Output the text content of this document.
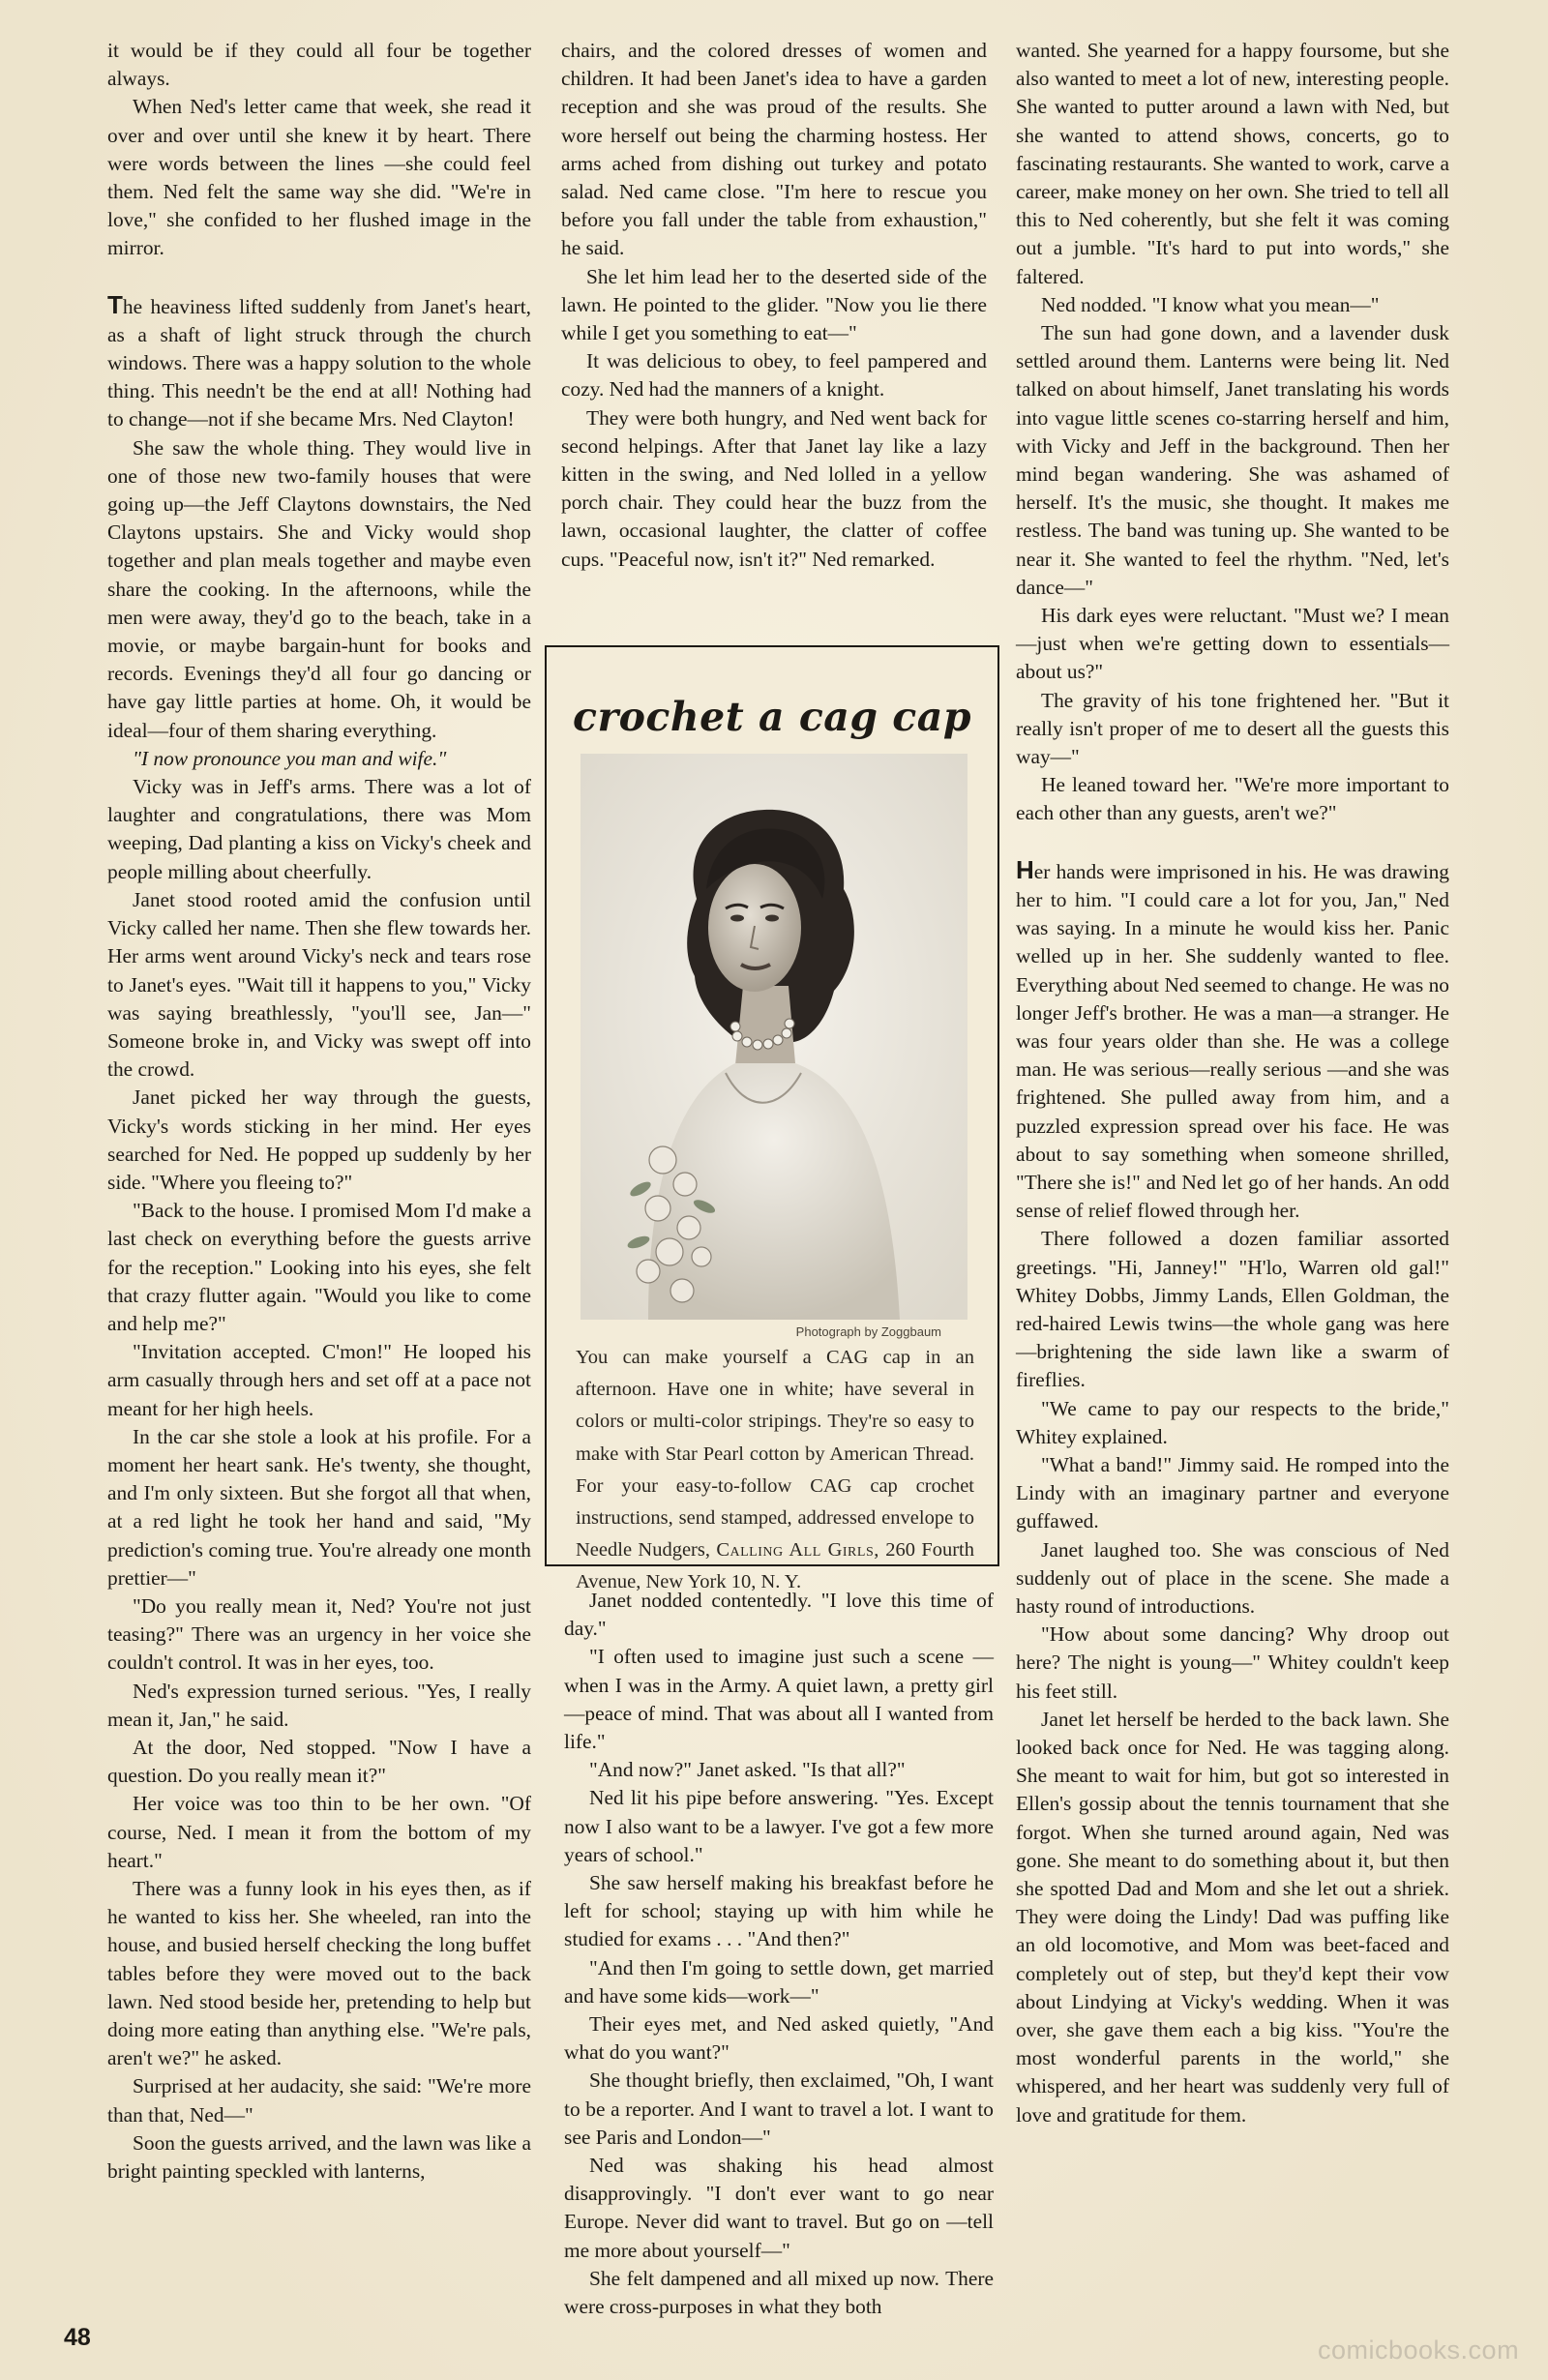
it would be if they could all four be together always.

When Ned's letter came that week, she read it over and over until she knew it by heart. There were words between the lines —she could feel them. Ned felt the same way she did. "We're in love," she confided to her flushed image in the mirror.

The heaviness lifted suddenly from Janet's heart, as a shaft of light struck through the church windows. There was a happy solution to the whole thing. This needn't be the end at all! Nothing had to change—not if she became Mrs. Ned Clayton!

She saw the whole thing. They would live in one of those new two-family houses that were going up—the Jeff Claytons downstairs, the Ned Claytons upstairs. She and Vicky would shop together and plan meals together and maybe even share the cooking. In the afternoons, while the men were away, they'd go to the beach, take in a movie, or maybe bargain-hunt for books and records. Evenings they'd all four go dancing or have gay little parties at home. Oh, it would be ideal—four of them sharing everything.

"I now pronounce you man and wife."

Vicky was in Jeff's arms. There was a lot of laughter and congratulations, there was Mom weeping, Dad planting a kiss on Vicky's cheek and people milling about cheerfully.

Janet stood rooted amid the confusion until Vicky called her name. Then she flew towards her. Her arms went around Vicky's neck and tears rose to Janet's eyes. "Wait till it happens to you," Vicky was saying breathlessly, "you'll see, Jan—" Someone broke in, and Vicky was swept off into the crowd.

Janet picked her way through the guests, Vicky's words sticking in her mind. Her eyes searched for Ned. He popped up suddenly by her side. "Where you fleeing to?"

"Back to the house. I promised Mom I'd make a last check on everything before the guests arrive for the reception." Looking into his eyes, she felt that crazy flutter again. "Would you like to come and help me?"

"Invitation accepted. C'mon!" He looped his arm casually through hers and set off at a pace not meant for her high heels.

In the car she stole a look at his profile. For a moment her heart sank. He's twenty, she thought, and I'm only sixteen. But she forgot all that when, at a red light he took her hand and said, "My prediction's coming true. You're already one month prettier—"

"Do you really mean it, Ned? You're not just teasing?" There was an urgency in her voice she couldn't control. It was in her eyes, too.

Ned's expression turned serious. "Yes, I really mean it, Jan," he said.

At the door, Ned stopped. "Now I have a question. Do you really mean it?"

Her voice was too thin to be her own. "Of course, Ned. I mean it from the bottom of my heart."

There was a funny look in his eyes then, as if he wanted to kiss her. She wheeled, ran into the house, and busied herself checking the long buffet tables before they were moved out to the back lawn. Ned stood beside her, pretending to help but doing more eating than anything else. "We're pals, aren't we?" he asked.

Surprised at her audacity, she said: "We're more than that, Ned—"

Soon the guests arrived, and the lawn was like a bright painting speckled with lanterns,

chairs, and the colored dresses of women and children. It had been Janet's idea to have a garden reception and she was proud of the results. She wore herself out being the charming hostess. Her arms ached from dishing out turkey and potato salad. Ned came close. "I'm here to rescue you before you fall under the table from exhaustion," he said.

She let him lead her to the deserted side of the lawn. He pointed to the glider. "Now you lie there while I get you something to eat—"

It was delicious to obey, to feel pampered and cozy. Ned had the manners of a knight.

They were both hungry, and Ned went back for second helpings. After that Janet lay like a lazy kitten in the swing, and Ned lolled in a yellow porch chair. They could hear the buzz from the lawn, occasional laughter, the clatter of coffee cups. "Peaceful now, isn't it?" Ned remarked.

crochet a cag cap
Photograph by Zoggbaum
You can make yourself a CAG cap in an afternoon. Have one in white; have several in colors or multi-color stripings. They're so easy to make with Star Pearl cotton by American Thread. For your easy-to-follow CAG cap crochet instructions, send stamped, addressed envelope to Needle Nudgers, Calling All Girls, 260 Fourth Avenue, New York 10, N. Y.

Janet nodded contentedly. "I love this time of day."

"I often used to imagine just such a scene —when I was in the Army. A quiet lawn, a pretty girl—peace of mind. That was about all I wanted from life."

"And now?" Janet asked. "Is that all?"

Ned lit his pipe before answering. "Yes. Except now I also want to be a lawyer. I've got a few more years of school."

She saw herself making his breakfast before he left for school; staying up with him while he studied for exams . . . "And then?"

"And then I'm going to settle down, get married and have some kids—work—"

Their eyes met, and Ned asked quietly, "And what do you want?"

She thought briefly, then exclaimed, "Oh, I want to be a reporter. And I want to travel a lot. I want to see Paris and London—"

Ned was shaking his head almost disapprovingly. "I don't ever want to go near Europe. Never did want to travel. But go on —tell me more about yourself—"

She felt dampened and all mixed up now. There were cross-purposes in what they both

wanted. She yearned for a happy foursome, but she also wanted to meet a lot of new, interesting people. She wanted to putter around a lawn with Ned, but she wanted to attend shows, concerts, go to fascinating restaurants. She wanted to work, carve a career, make money on her own. She tried to tell all this to Ned coherently, but she felt it was coming out a jumble. "It's hard to put into words," she faltered.

Ned nodded. "I know what you mean—"

The sun had gone down, and a lavender dusk settled around them. Lanterns were being lit. Ned talked on about himself, Janet translating his words into vague little scenes co-starring herself and him, with Vicky and Jeff in the background. Then her mind began wandering. She was ashamed of herself. It's the music, she thought. It makes me restless. The band was tuning up. She wanted to be near it. She wanted to feel the rhythm. "Ned, let's dance—"

His dark eyes were reluctant. "Must we? I mean—just when we're getting down to essentials—about us?"

The gravity of his tone frightened her. "But it really isn't proper of me to desert all the guests this way—"

He leaned toward her. "We're more important to each other than any guests, aren't we?"

Her hands were imprisoned in his. He was drawing her to him. "I could care a lot for you, Jan," Ned was saying. In a minute he would kiss her. Panic welled up in her. She suddenly wanted to flee. Everything about Ned seemed to change. He was no longer Jeff's brother. He was a man—a stranger. He was four years older than she. He was a college man. He was serious—really serious —and she was frightened. She pulled away from him, and a puzzled expression spread over his face. He was about to say something when someone shrilled, "There she is!" and Ned let go of her hands. An odd sense of relief flowed through her.

There followed a dozen familiar assorted greetings. "Hi, Janney!" "H'lo, Warren old gal!" Whitey Dobbs, Jimmy Lands, Ellen Goldman, the red-haired Lewis twins—the whole gang was here—brightening the side lawn like a swarm of fireflies.

"We came to pay our respects to the bride," Whitey explained.

"What a band!" Jimmy said. He romped into the Lindy with an imaginary partner and everyone guffawed.

Janet laughed too. She was conscious of Ned suddenly out of place in the scene. She made a hasty round of introductions.

"How about some dancing? Why droop out here? The night is young—" Whitey couldn't keep his feet still.

Janet let herself be herded to the back lawn. She looked back once for Ned. He was tagging along. She meant to wait for him, but got so interested in Ellen's gossip about the tennis tournament that she forgot. When she turned around again, Ned was gone. She meant to do something about it, but then she spotted Dad and Mom and she let out a shriek. They were doing the Lindy! Dad was puffing like an old locomotive, and Mom was beet-faced and completely out of step, but they'd kept their vow about Lindying at Vicky's wedding. When it was over, she gave them each a big kiss. "You're the most wonderful parents in the world," she whispered, and her heart was suddenly very full of love and gratitude for them.

48	comicbooks.com
